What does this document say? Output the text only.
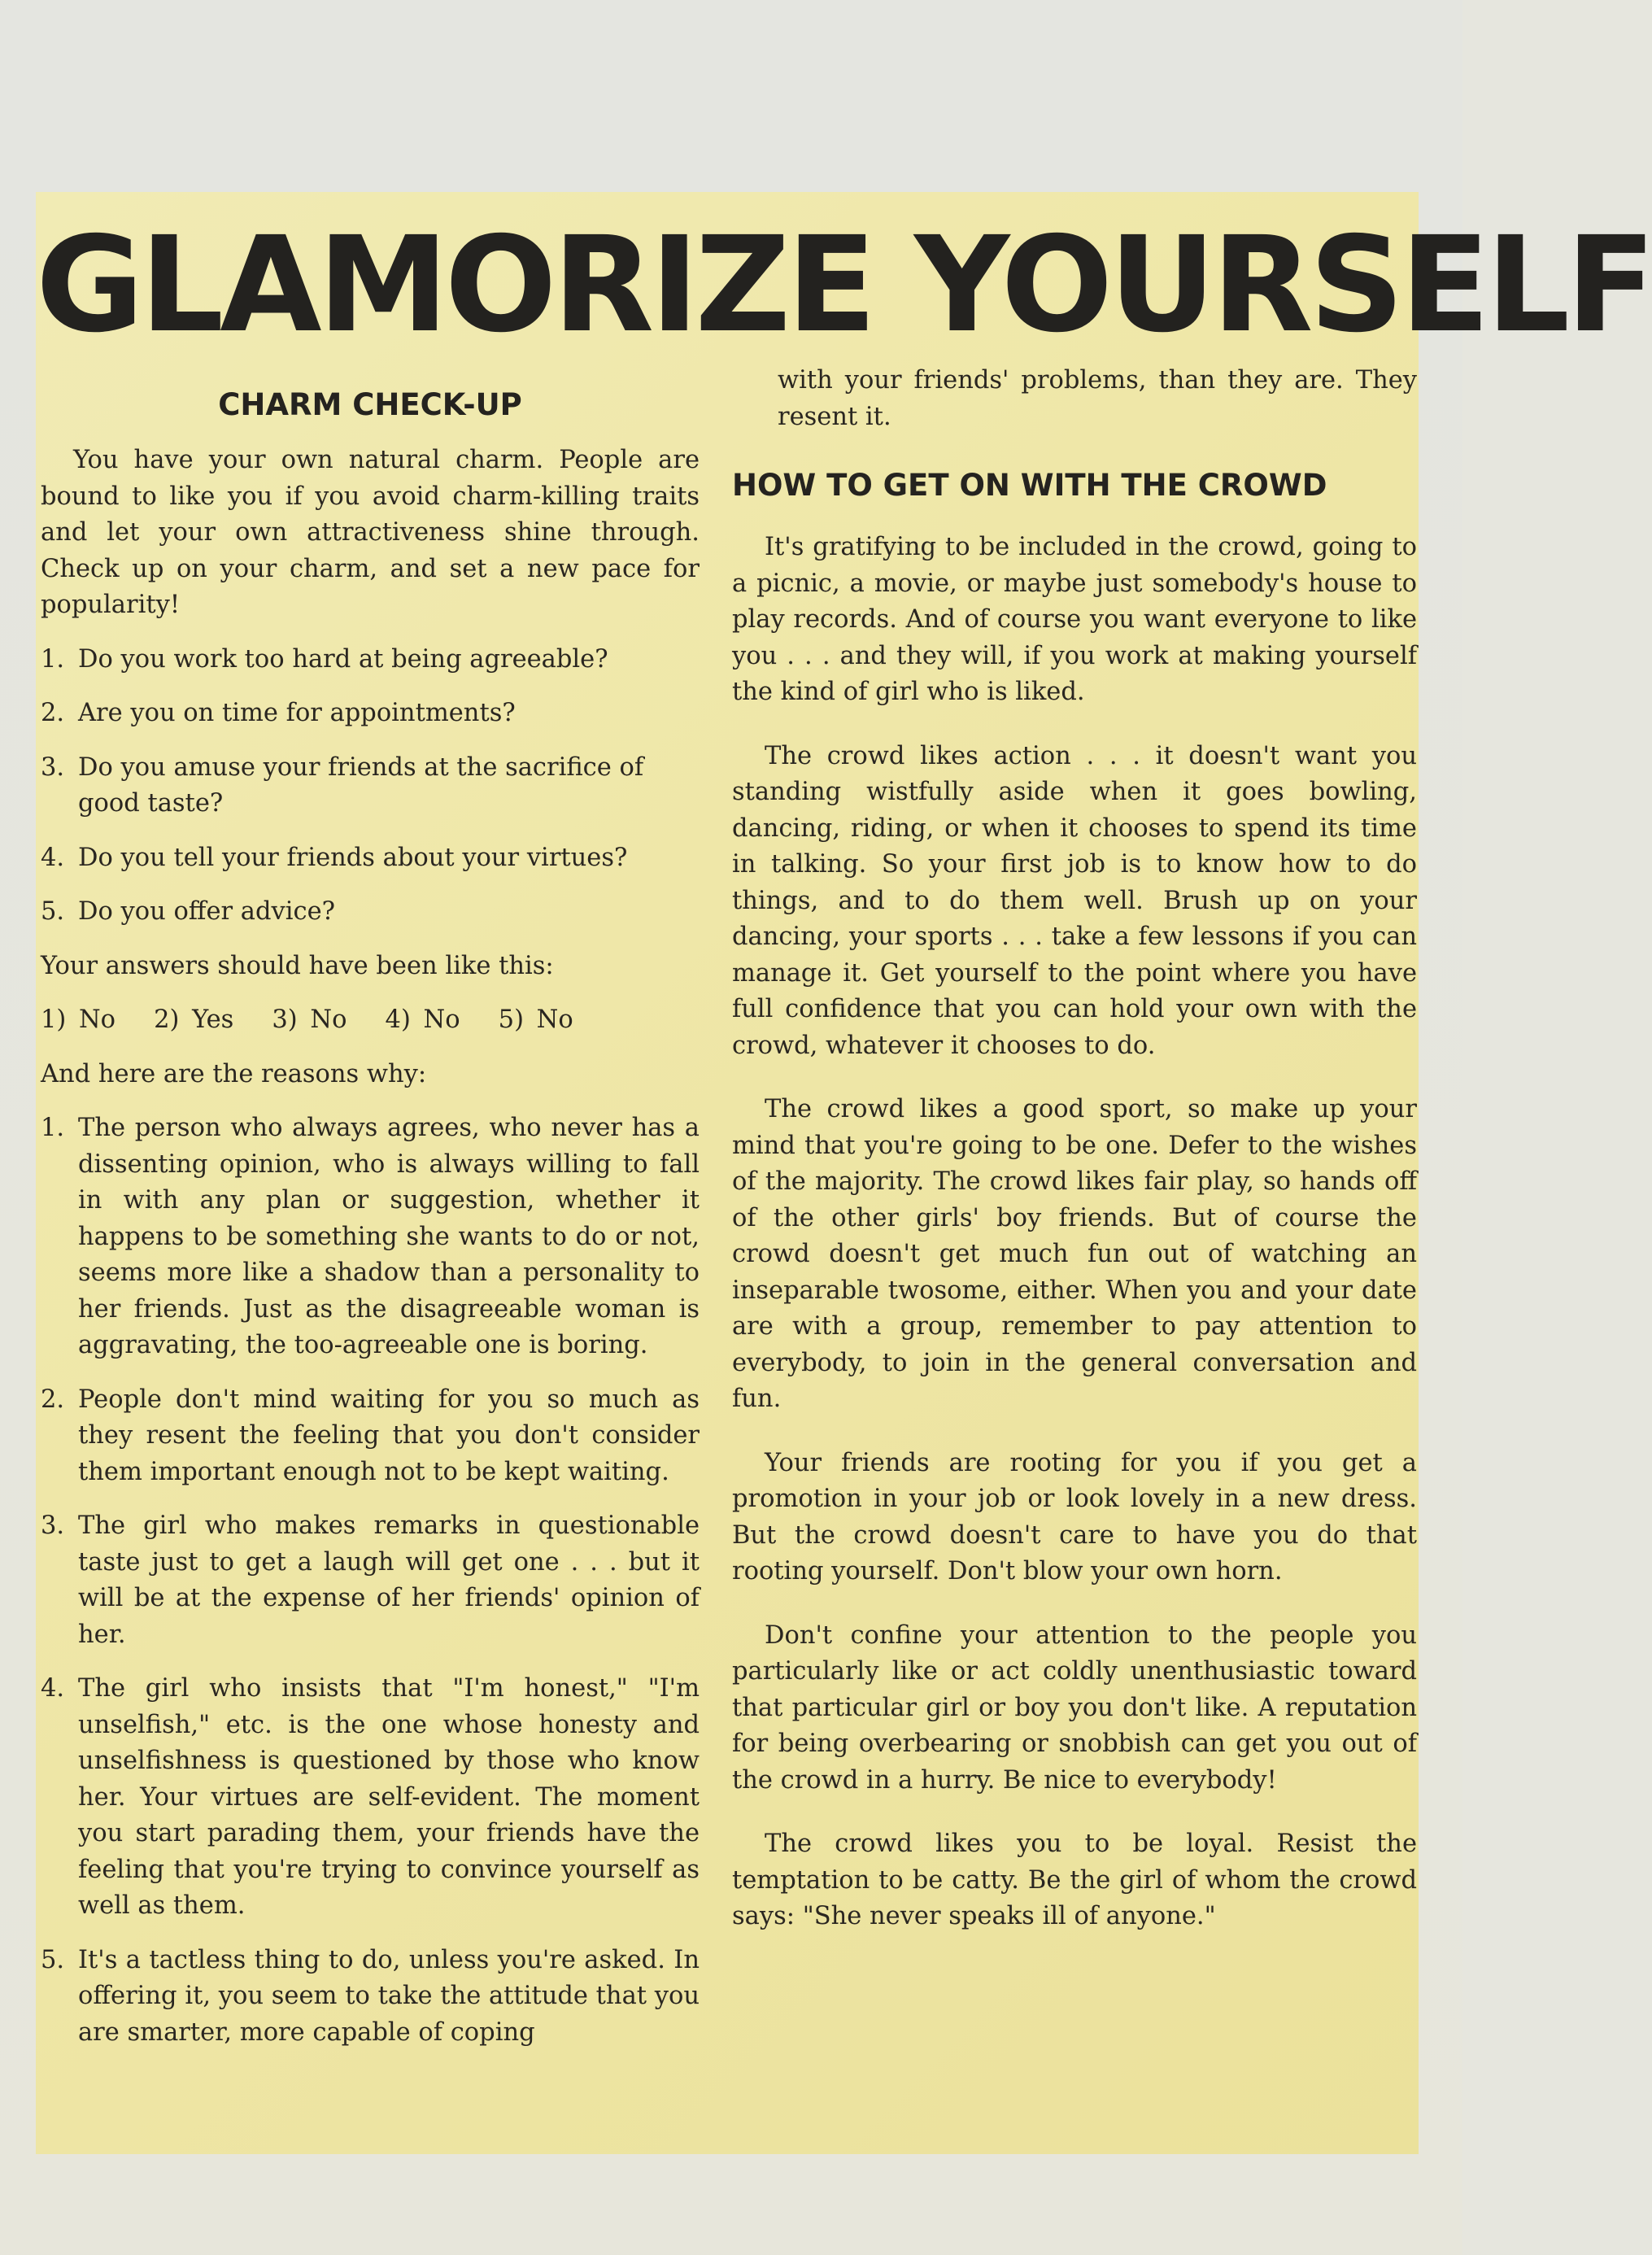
GLAMORIZE YOURSELF
CHARM CHECK-UP

You have your own natural charm. People are bound to like you if you avoid charm-killing traits and let your own attractiveness shine through. Check up on your charm, and set a new pace for popularity!

1. Do you work too hard at being agreeable?
2. Are you on time for appointments?
3. Do you amuse your friends at the sacrifice of good taste?
4. Do you tell your friends about your virtues?
5. Do you offer advice?

Your answers should have been like this:

1) No   2) Yes   3) No   4) No   5) No

And here are the reasons why:

1. The person who always agrees, who never has a dissenting opinion, who is always willing to fall in with any plan or suggestion, whether it happens to be something she wants to do or not, seems more like a shadow than a personality to her friends. Just as the disagreeable woman is aggravating, the too-agreeable one is boring.
2. People don't mind waiting for you so much as they resent the feeling that you don't consider them important enough not to be kept waiting.
3. The girl who makes remarks in questionable taste just to get a laugh will get one . . . but it will be at the expense of her friends' opinion of her.
4. The girl who insists that "I'm honest," "I'm unselfish," etc. is the one whose honesty and unselfishness is questioned by those who know her. Your virtues are self-evident. The moment you start parading them, your friends have the feeling that you're trying to convince yourself as well as them.
5. It's a tactless thing to do, unless you're asked. In offering it, you seem to take the attitude that you are smarter, more capable of coping

with your friends' problems, than they are. They resent it.

HOW TO GET ON WITH THE CROWD

It's gratifying to be included in the crowd, going to a picnic, a movie, or maybe just somebody's house to play records. And of course you want everyone to like you . . . and they will, if you work at making yourself the kind of girl who is liked.

The crowd likes action . . . it doesn't want you standing wistfully aside when it goes bowling, dancing, riding, or when it chooses to spend its time in talking. So your first job is to know how to do things, and to do them well. Brush up on your dancing, your sports . . . take a few lessons if you can manage it. Get yourself to the point where you have full confidence that you can hold your own with the crowd, whatever it chooses to do.

The crowd likes a good sport, so make up your mind that you're going to be one. Defer to the wishes of the majority. The crowd likes fair play, so hands off of the other girls' boy friends. But of course the crowd doesn't get much fun out of watching an inseparable twosome, either. When you and your date are with a group, remember to pay attention to everybody, to join in the general conversation and fun.

Your friends are rooting for you if you get a promotion in your job or look lovely in a new dress. But the crowd doesn't care to have you do that rooting yourself. Don't blow your own horn.

Don't confine your attention to the people you particularly like or act coldly unenthusiastic toward that particular girl or boy you don't like. A reputation for being overbearing or snobbish can get you out of the crowd in a hurry. Be nice to everybody!

The crowd likes you to be loyal. Resist the temptation to be catty. Be the girl of whom the crowd says: "She never speaks ill of anyone."
